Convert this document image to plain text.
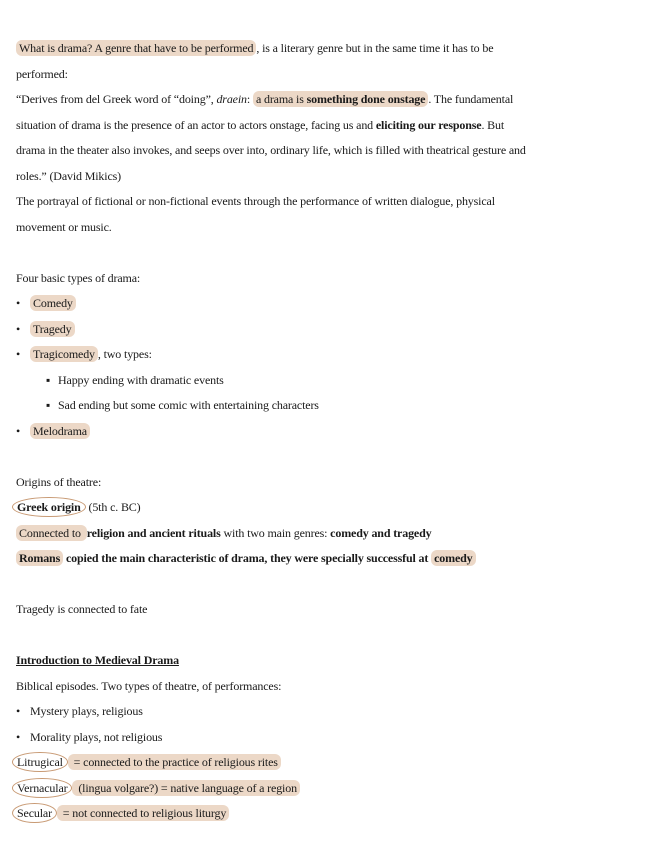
What is drama? A genre that have to be performed , is a literary genre but in the same time it has to be
performed:
“Derives from del Greek word of “doing”, draein: a drama is something done onstage . The fundamental
situation of drama is the presence of an actor to actors onstage, facing us and eliciting our response. But
drama in the theater also invokes, and seeps over into, ordinary life, which is filled with theatrical gesture and
roles.” (David Mikics)
The portrayal of fictional or non-fictional events through the performance of written dialogue, physical
movement or music.
Four basic types of drama:
• Comedy
• Tragedy
• Tragicomedy , two types:
▪ Happy ending with dramatic events
▪ Sad ending but some comic with entertaining characters
• Melodrama
Origins of theatre:
Greek origin (5th c. BC)
Connected to religion and ancient rituals with two main genres: comedy and tragedy
Romans copied the main characteristic of drama, they were specially successful at comedy
Tragedy is connected to fate
Introduction to Medieval Drama
Biblical episodes. Two types of theatre, of performances:
• Mystery plays, religious
• Morality plays, not religious
Litrugical = connected to the practice of religious rites
Vernacular (lingua volgare?) = native language of a region
Secular = not connected to religious liturgy
